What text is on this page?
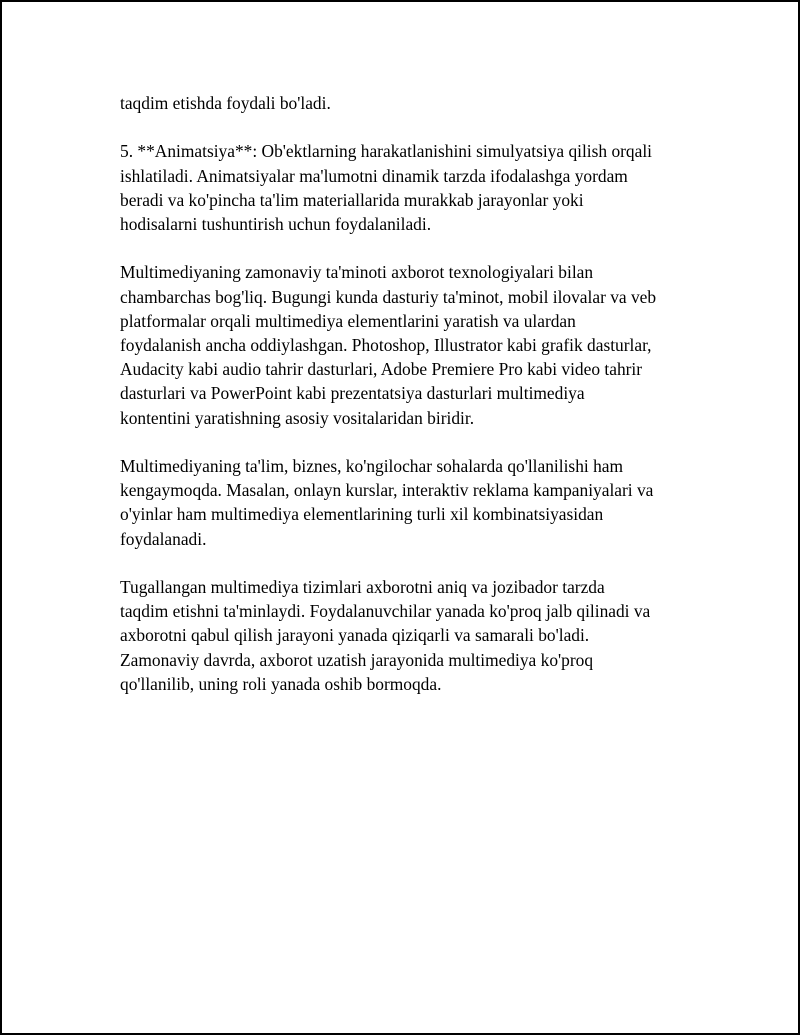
taqdim etishda foydali bo'ladi.

5. **Animatsiya**: Ob'ektlarning harakatlanishini simulyatsiya qilish orqali
ishlatiladi. Animatsiyalar ma'lumotni dinamik tarzda ifodalashga yordam
beradi va ko'pincha ta'lim materiallarida murakkab jarayonlar yoki
hodisalarni tushuntirish uchun foydalaniladi.

Multimediyaning zamonaviy ta'minoti axborot texnologiyalari bilan
chambarchas bog'liq. Bugungi kunda dasturiy ta'minot, mobil ilovalar va veb
platformalar orqali multimediya elementlarini yaratish va ulardan
foydalanish ancha oddiylashgan. Photoshop, Illustrator kabi grafik dasturlar,
Audacity kabi audio tahrir dasturlari, Adobe Premiere Pro kabi video tahrir
dasturlari va PowerPoint kabi prezentatsiya dasturlari multimediya
kontentini yaratishning asosiy vositalaridan biridir.

Multimediyaning ta'lim, biznes, ko'ngilochar sohalarda qo'llanilishi ham
kengaymoqda. Masalan, onlayn kurslar, interaktiv reklama kampaniyalari va
o'yinlar ham multimediya elementlarining turli xil kombinatsiyasidan
foydalanadi.

Tugallangan multimediya tizimlari axborotni aniq va jozibador tarzda
taqdim etishni ta'minlaydi. Foydalanuvchilar yanada ko'proq jalb qilinadi va
axborotni qabul qilish jarayoni yanada qiziqarli va samarali bo'ladi.
Zamonaviy davrda, axborot uzatish jarayonida multimediya ko'proq
qo'llanilib, uning roli yanada oshib bormoqda.
